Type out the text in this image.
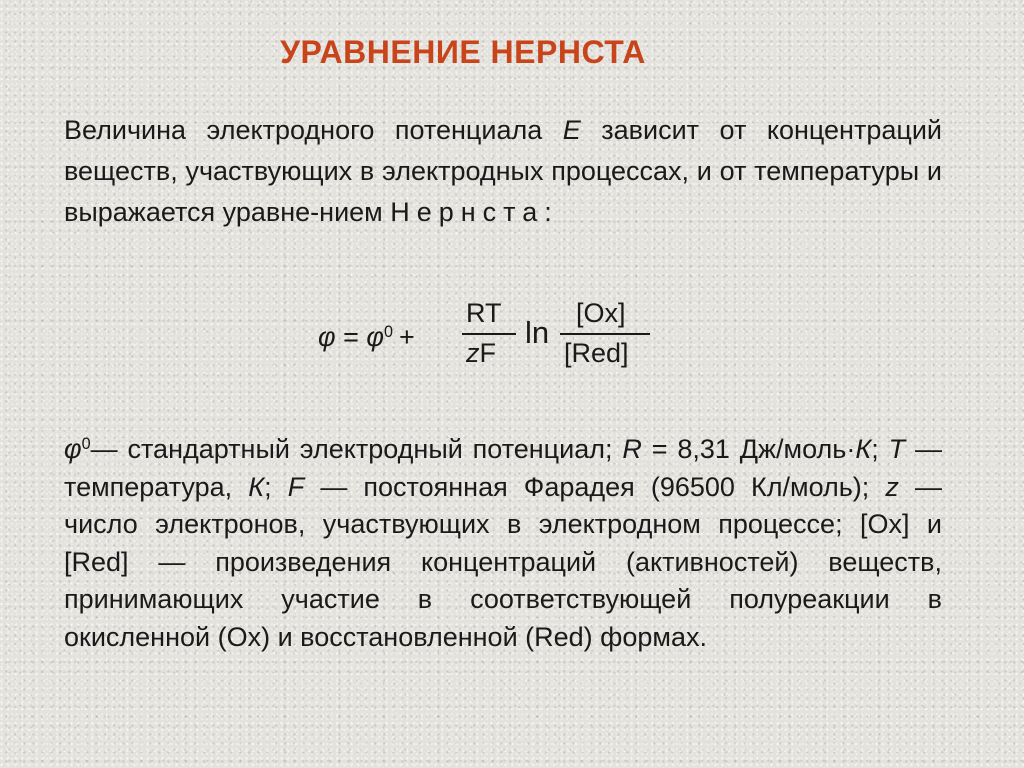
УРАВНЕНИЕ НЕРНСТА
Величина электродного потенциала E зависит от концентраций веществ, участвующих в электродных процессах, и от температуры и выражается уравне-нием Нернста:
$\varphi = \varphi^0$ +
RT
zF
ln
[Ox]
[Red]
$\varphi^0—$ стандартный электродный потенциал; R = 8,31 Дж/моль·К; T — температура, К; F — постоянная Фарадея (96500 Кл/моль); z — число электронов, участвующих в электродном процессе; [Ox] и [Red] — произведения концентраций (активностей) веществ, принимающих участие в соответствующей полуреакции в окисленной (Ox) и восстановленной (Red) формах.
